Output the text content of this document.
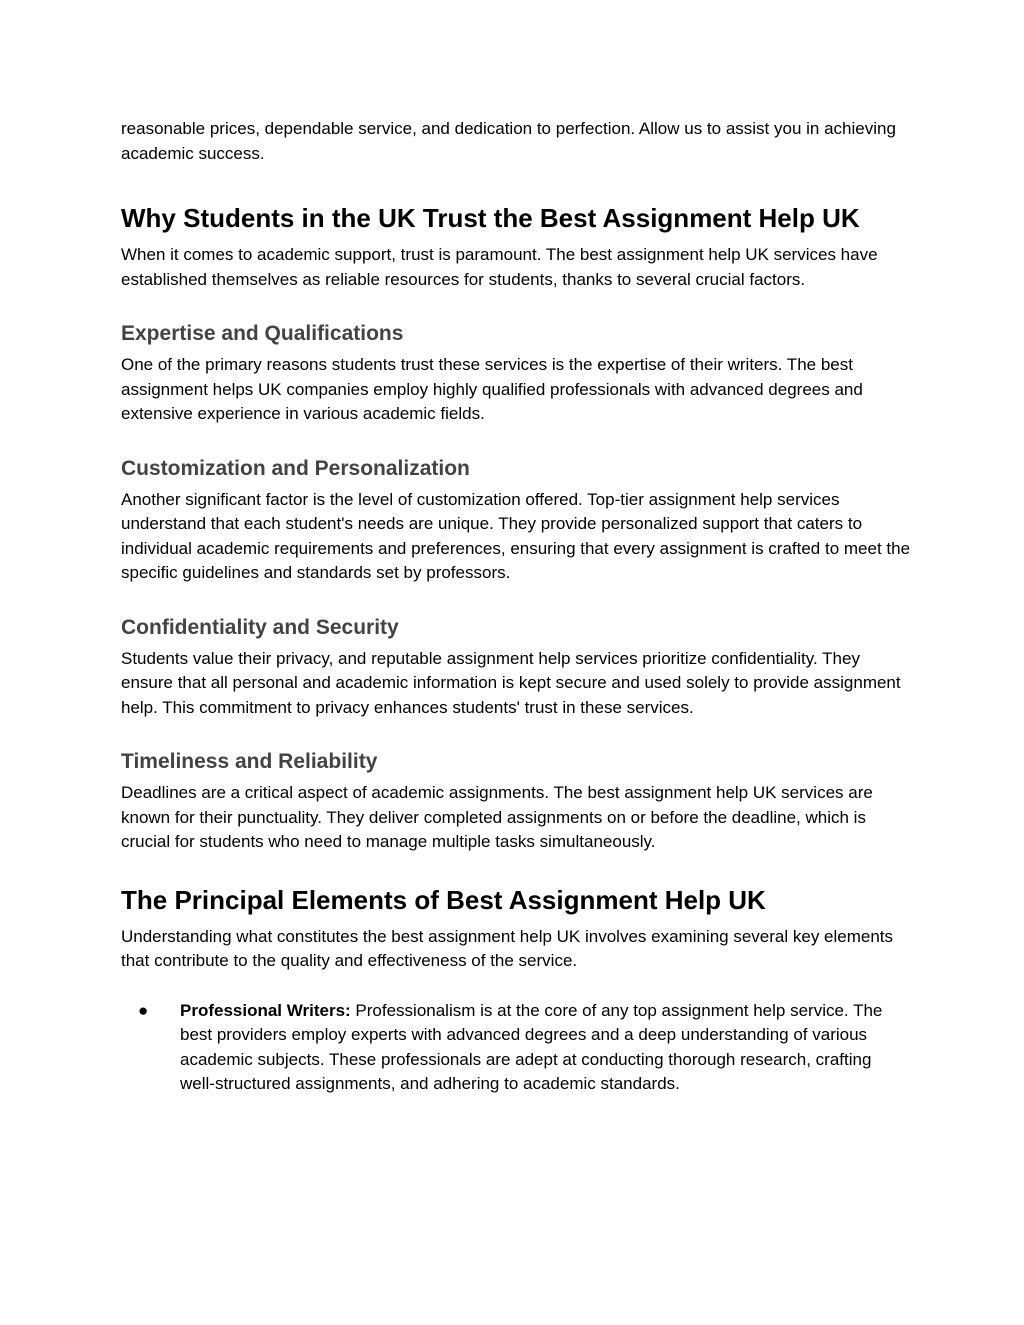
reasonable prices, dependable service, and dedication to perfection. Allow us to assist you in achieving academic success.

Why Students in the UK Trust the Best Assignment Help UK

When it comes to academic support, trust is paramount. The best assignment help UK services have established themselves as reliable resources for students, thanks to several crucial factors.

Expertise and Qualifications

One of the primary reasons students trust these services is the expertise of their writers. The best assignment helps UK companies employ highly qualified professionals with advanced degrees and extensive experience in various academic fields.

Customization and Personalization

Another significant factor is the level of customization offered. Top-tier assignment help services understand that each student's needs are unique. They provide personalized support that caters to individual academic requirements and preferences, ensuring that every assignment is crafted to meet the specific guidelines and standards set by professors.

Confidentiality and Security

Students value their privacy, and reputable assignment help services prioritize confidentiality. They ensure that all personal and academic information is kept secure and used solely to provide assignment help. This commitment to privacy enhances students' trust in these services.

Timeliness and Reliability

Deadlines are a critical aspect of academic assignments. The best assignment help UK services are known for their punctuality. They deliver completed assignments on or before the deadline, which is crucial for students who need to manage multiple tasks simultaneously.

The Principal Elements of Best Assignment Help UK

Understanding what constitutes the best assignment help UK involves examining several key elements that contribute to the quality and effectiveness of the service.

● Professional Writers: Professionalism is at the core of any top assignment help service. The best providers employ experts with advanced degrees and a deep understanding of various academic subjects. These professionals are adept at conducting thorough research, crafting well-structured assignments, and adhering to academic standards.
